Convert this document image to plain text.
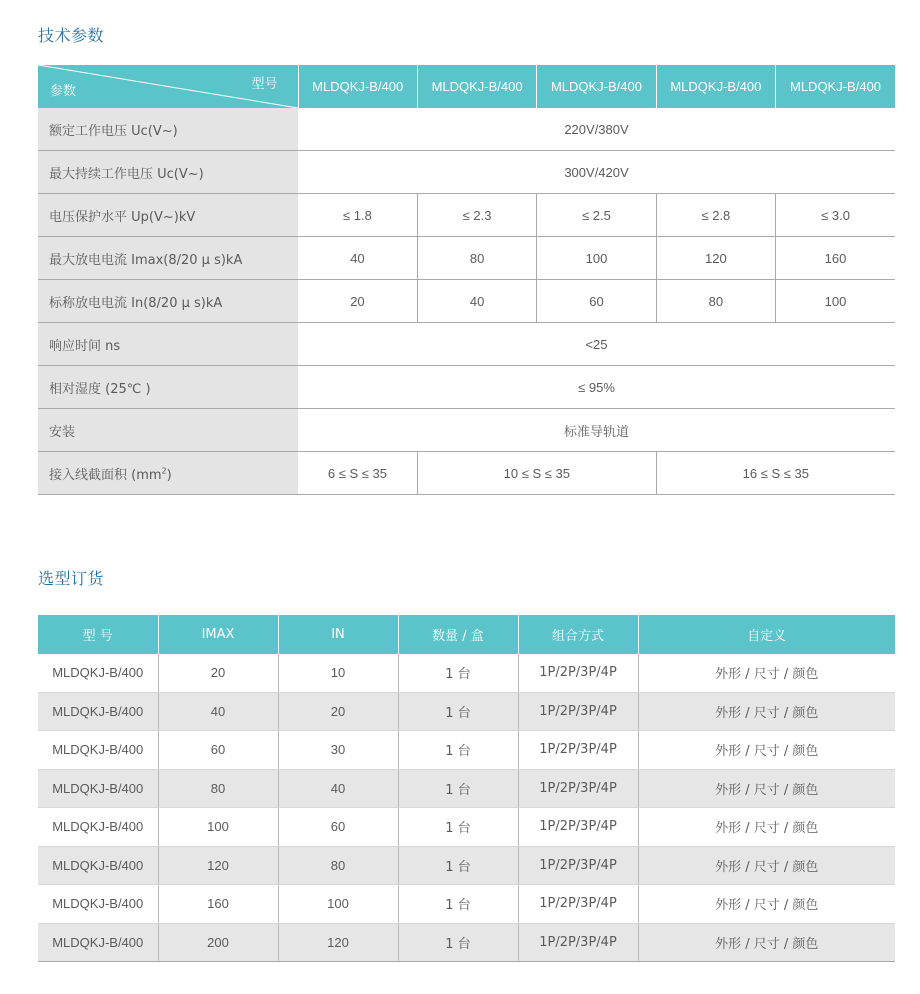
技术参数
型号
参数	MLDQKJ-B/400	MLDQKJ-B/400	MLDQKJ-B/400	MLDQKJ-B/400	MLDQKJ-B/400
额定工作电压 Uc(V~)	220V/380V				
最大持续工作电压 Uc(V~)	300V/420V				
电压保护水平 Up(V~)kV	≤ 1.8	≤ 2.3	≤ 2.5	≤ 2.8	≤ 3.0
最大放电电流 Imax(8/20 μ s)kA	40	80	100	120	160
标称放电电流 In(8/20 μ s)kA	20	40	60	80	100
响应时间 ns	<25				
相对湿度 (25℃ )	≤ 95%				
安装	标准导轨道				
接入线截面积 $(mm^2)$	6 ≤ S ≤ 35	10 ≤ S ≤ 35		16 ≤ S ≤ 35	
选型订货
型 号	IMAX	IN	数量 / 盒	组合方式	自定义
MLDQKJ-B/400	20	10	1 台	1P/2P/3P/4P	外形 / 尺寸 / 颜色
MLDQKJ-B/400	40	20	1 台	1P/2P/3P/4P	外形 / 尺寸 / 颜色
MLDQKJ-B/400	60	30	1 台	1P/2P/3P/4P	外形 / 尺寸 / 颜色
MLDQKJ-B/400	80	40	1 台	1P/2P/3P/4P	外形 / 尺寸 / 颜色
MLDQKJ-B/400	100	60	1 台	1P/2P/3P/4P	外形 / 尺寸 / 颜色
MLDQKJ-B/400	120	80	1 台	1P/2P/3P/4P	外形 / 尺寸 / 颜色
MLDQKJ-B/400	160	100	1 台	1P/2P/3P/4P	外形 / 尺寸 / 颜色
MLDQKJ-B/400	200	120	1 台	1P/2P/3P/4P	外形 / 尺寸 / 颜色
